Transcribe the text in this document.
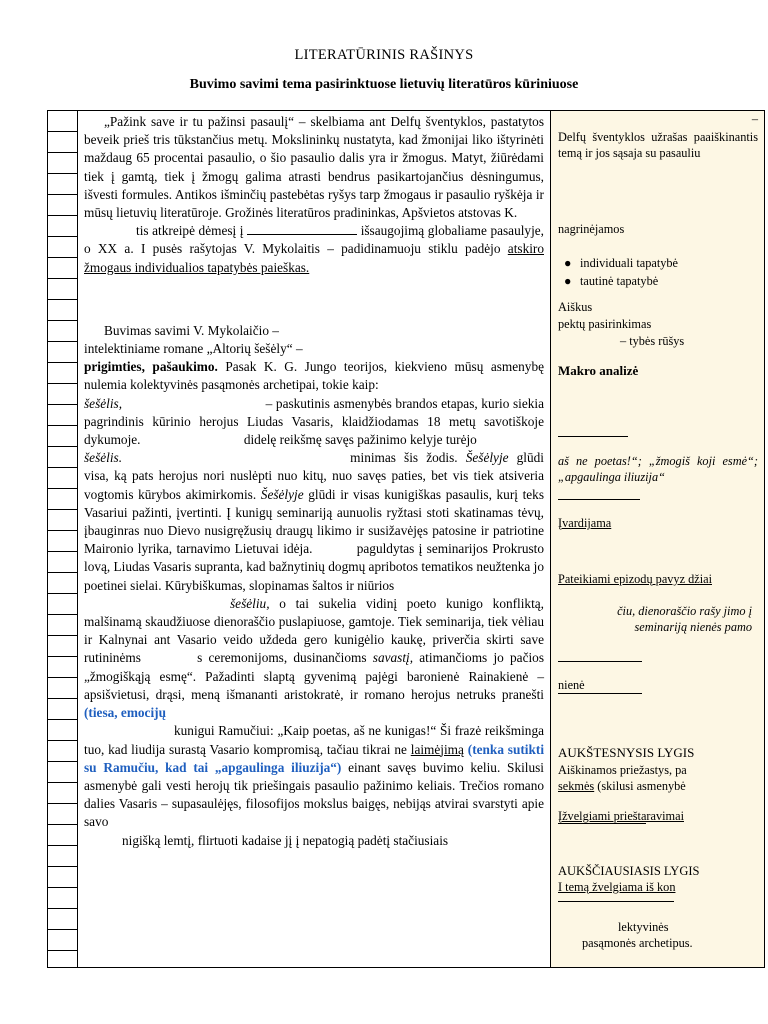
LITERATŪRINIS RAŠINYS
Buvimo savimi tema pasirinktuose lietuvių literatūros kūriniuose

„Pažink save ir tu pažinsi pasaulį“ – skelbiama ant Delfų šventyklos, pastatytos beveik prieš tris tūkstančius metų. Mokslininkų nustatyta, kad žmonijai liko ištyrinėti maždaug 65 procentai pasaulio, o šio pasaulio dalis yra ir žmogus. Matyt, žiūrėdami tiek į gamtą, tiek į žmogų galima atrasti bendrus pasikartojančius dėsningumus, išvesti formules. Antikos išminčių pastebėtas ryšys tarp žmogaus ir pasaulio ryškėja ir mūsų lietuvių literatūroje. Grožinės literatūros pradininkas, Apšvietos atstovas K.
tis atkreipė dėmesį į	išsaugojimą globaliame pasaulyje, o XX a. I pusės rašytojas V. Mykolaitis – padidinamuoju stiklu padėjo atskiro žmogaus individualios tapatybės paieškas.

Buvimas savimi V. Mykolaičio –
intelektiniame romane „Altorių šešėly“ –
prigimties, pašaukimo. Pasak K. G. Jungo teorijos, kiekvieno mūsų asmenybę nulemia kolektyvinės pasąmonės archetipai, tokie kaip:
šešėlis,	– paskutinis asmenybės brandos etapas, kurio siekia pagrindinis kūrinio herojus Liudas Vasaris, klaidžiodamas 18 metų savotiškoje dykumoje.	didelę reikšmę savęs pažinimo kelyje turėjo
šešėlis.	minimas šis žodis. Šešėlyje glūdi visa, ką pats herojus nori nuslėpti nuo kitų, nuo savęs paties, bet vis tiek atsiveria vogtomis kūrybos akimirkomis. Šešėlyje glūdi ir visas kunigiškas pasaulis, kurį teks Vasariui pažinti, įvertinti. Į kunigų seminariją aunuolis ryžtasi stoti skatinamas tėvų, įbauginras nuo Dievo nusigręžusių draugų likimo ir susižavėjęs patosine ir patriotine Maironio lyrika, tarnavimo Lietuvai idėja.	paguldytas į seminarijos Prokrusto lovą, Liudas Vasaris supranta, kad bažnytinių dogmų apribotos tematikos neužtenka jo poetinei sielai. Kūrybiškumas, slopinamas šaltos ir niūrios
šešėliu, o tai sukelia vidinį poeto kunigo konfliktą, malšinamą skaudžiuose dienoraščio puslapiuose, gamtoje. Tiek seminarija, tiek vėliau ir Kalnynai ant Vasario veido uždeda gero kunigėlio kaukę, priverčia skirti save rutininėms	s ceremonijoms, dusinančioms savastį, atimančioms jo pačios „žmogiškąją esmę“. Pažadinti slaptą gyvenimą pajėgi baronienė Rainakienė – apsišvietusi, drąsi, meną išmananti aristokratė, ir romano herojus netruks pranešti (tiesa, emocijų
kunigui Ramučiui: „Kaip poetas, aš ne kunigas!“ Ši frazė reikšminga tuo, kad liudija surastą Vasario kompromisą, tačiau tikrai ne laimėjimą (tenka sutikti su Ramučiu, kad tai „apgaulinga iliuzija“) einant savęs buvimo keliu. Skilusi asmenybė gali vesti herojų tik priešingais pasaulio pažinimo keliais. Trečios romano dalies Vasaris – supasaulėjęs, filosofijos mokslus baigęs, nebijąs atvirai svarstyti apie savo
nigišką lemtį, flirtuoti kadaise jį į nepatogią padėtį stačiusiais

–
Delfų šventyklos užrašas paaiškinantis temą ir jos sąsaja su pasauliu
nagrinėjamos
● individuali tapatybė
● tautinė tapatybė
Aiškus
pektų pasirinkimas
– tybės rūšys
Makro analizė
aš ne poetas!“; „žmogiš koji esmė“; „apgaulinga iliuzija“
Įvardijama
Pateikiami epizodų pavyz džiai
čiu, dienoraščio rašy jimo į seminariją nienės pamo
nienė
AUKŠTESNYSIS LYGIS
Aiškinamos priežastys, pa
sekmės (skilusi asmenybė
Įžvelgiami prieštaravimai
AUKŠČIAUSIASIS LYGIS
I temą žvelgiama iš kon
lektyvinės
pasąmonės archetipus.
